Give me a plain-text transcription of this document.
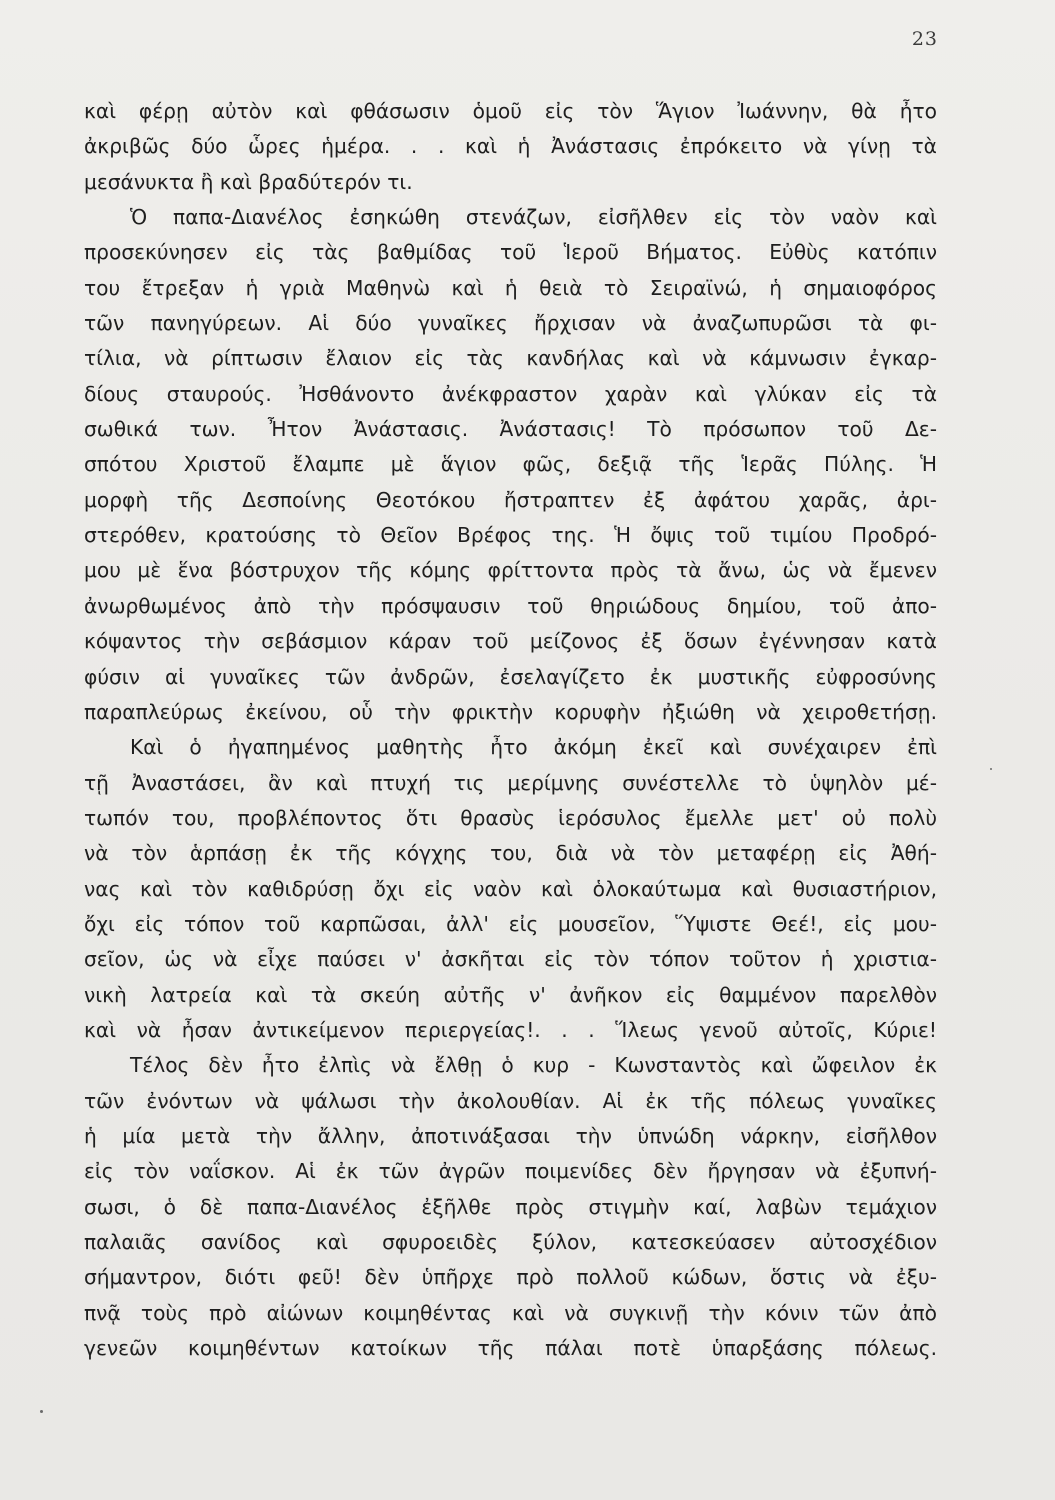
23
καὶ φέρῃ αὐτὸν καὶ φθάσωσιν ὁμοῦ εἰς τὸν Ἅγιον Ἰωάννην, θὰ ἦτο
ἀκριβῶς δύο ὧρες ἡμέρα. . . καὶ ἡ Ἀνάστασις ἐπρόκειτο νὰ γίνῃ τὰ
μεσάνυκτα ἢ καὶ βραδύτερόν τι.
Ὁ παπα-Διανέλος ἐσηκώθη στενάζων, εἰσῆλθεν εἰς τὸν ναὸν καὶ
προσεκύνησεν εἰς τὰς βαθμίδας τοῦ Ἱεροῦ Βήματος. Εὐθὺς κατόπιν
του ἔτρεξαν ἡ γριὰ Μαθηνὼ καὶ ἡ θειὰ τὸ Σειραϊνώ, ἡ σημαιοφόρος
τῶν πανηγύρεων. Αἱ δύο γυναῖκες ἤρχισαν νὰ ἀναζωπυρῶσι τὰ φι-
τίλια, νὰ ρίπτωσιν ἔλαιον εἰς τὰς κανδήλας καὶ νὰ κάμνωσιν ἐγκαρ-
δίους σταυρούς. Ἠσθάνοντο ἀνέκφραστον χαρὰν καὶ γλύκαν εἰς τὰ
σωθικά των. Ἦτον Ἀνάστασις. Ἀνάστασις! Τὸ πρόσωπον τοῦ Δε-
σπότου Χριστοῦ ἔλαμπε μὲ ἅγιον φῶς, δεξιᾷ τῆς Ἱερᾶς Πύλης. Ἡ
μορφὴ τῆς Δεσποίνης Θεοτόκου ἤστραπτεν ἐξ ἀφάτου χαρᾶς, ἀρι-
στερόθεν, κρατούσης τὸ Θεῖον Βρέφος της. Ἡ ὄψις τοῦ τιμίου Προδρό-
μου μὲ ἕνα βόστρυχον τῆς κόμης φρίττοντα πρὸς τὰ ἄνω, ὡς νὰ ἔμενεν
ἀνωρθωμένος ἀπὸ τὴν πρόσψαυσιν τοῦ θηριώδους δημίου, τοῦ ἀπο-
κόψαντος τὴν σεβάσμιον κάραν τοῦ μείζονος ἐξ ὅσων ἐγέννησαν κατὰ
φύσιν αἱ γυναῖκες τῶν ἀνδρῶν, ἐσελαγίζετο ἐκ μυστικῆς εὐφροσύνης
παραπλεύρως ἐκείνου, οὗ τὴν φρικτὴν κορυφὴν ἠξιώθη νὰ χειροθετήσῃ.
Καὶ ὁ ἠγαπημένος μαθητὴς ἦτο ἀκόμη ἐκεῖ καὶ συνέχαιρεν ἐπὶ
τῇ Ἀναστάσει, ἂν καὶ πτυχή τις μερίμνης συνέστελλε τὸ ὑψηλὸν μέ-
τωπόν του, προβλέποντος ὅτι θρασὺς ἱερόσυλος ἔμελλε μετ' οὐ πολὺ
νὰ τὸν ἁρπάσῃ ἐκ τῆς κόγχης του, διὰ νὰ τὸν μεταφέρῃ εἰς Ἀθή-
νας καὶ τὸν καθιδρύσῃ ὄχι εἰς ναὸν καὶ ὁλοκαύτωμα καὶ θυσιαστήριον,
ὄχι εἰς τόπον τοῦ καρπῶσαι, ἀλλ' εἰς μουσεῖον, Ὕψιστε Θεέ!, εἰς μου-
σεῖον, ὡς νὰ εἶχε παύσει ν' ἀσκῆται εἰς τὸν τόπον τοῦτον ἡ χριστια-
νικὴ λατρεία καὶ τὰ σκεύη αὐτῆς ν' ἀνῆκον εἰς θαμμένον παρελθὸν
καὶ νὰ ἦσαν ἀντικείμενον περιεργείας!. . . Ἵλεως γενοῦ αὐτοῖς, Κύριε!
Τέλος δὲν ἦτο ἐλπὶς νὰ ἔλθῃ ὁ κυρ - Κωνσταντὸς καὶ ὤφειλον ἐκ
τῶν ἐνόντων νὰ ψάλωσι τὴν ἀκολουθίαν. Αἱ ἐκ τῆς πόλεως γυναῖκες
ἡ μία μετὰ τὴν ἄλλην, ἀποτινάξασαι τὴν ὑπνώδη νάρκην, εἰσῆλθον
εἰς τὸν ναΐσκον. Αἱ ἐκ τῶν ἀγρῶν ποιμενίδες δὲν ἤργησαν νὰ ἐξυπνή-
σωσι, ὁ δὲ παπα-Διανέλος ἐξῆλθε πρὸς στιγμὴν καί, λαβὼν τεμάχιον
παλαιᾶς σανίδος καὶ σφυροειδὲς ξύλον, κατεσκεύασεν αὐτοσχέδιον
σήμαντρον, διότι φεῦ! δὲν ὑπῆρχε πρὸ πολλοῦ κώδων, ὅστις νὰ ἐξυ-
πνᾷ τοὺς πρὸ αἰώνων κοιμηθέντας καὶ νὰ συγκινῇ τὴν κόνιν τῶν ἀπὸ
γενεῶν κοιμηθέντων κατοίκων τῆς πάλαι ποτὲ ὑπαρξάσης πόλεως.
